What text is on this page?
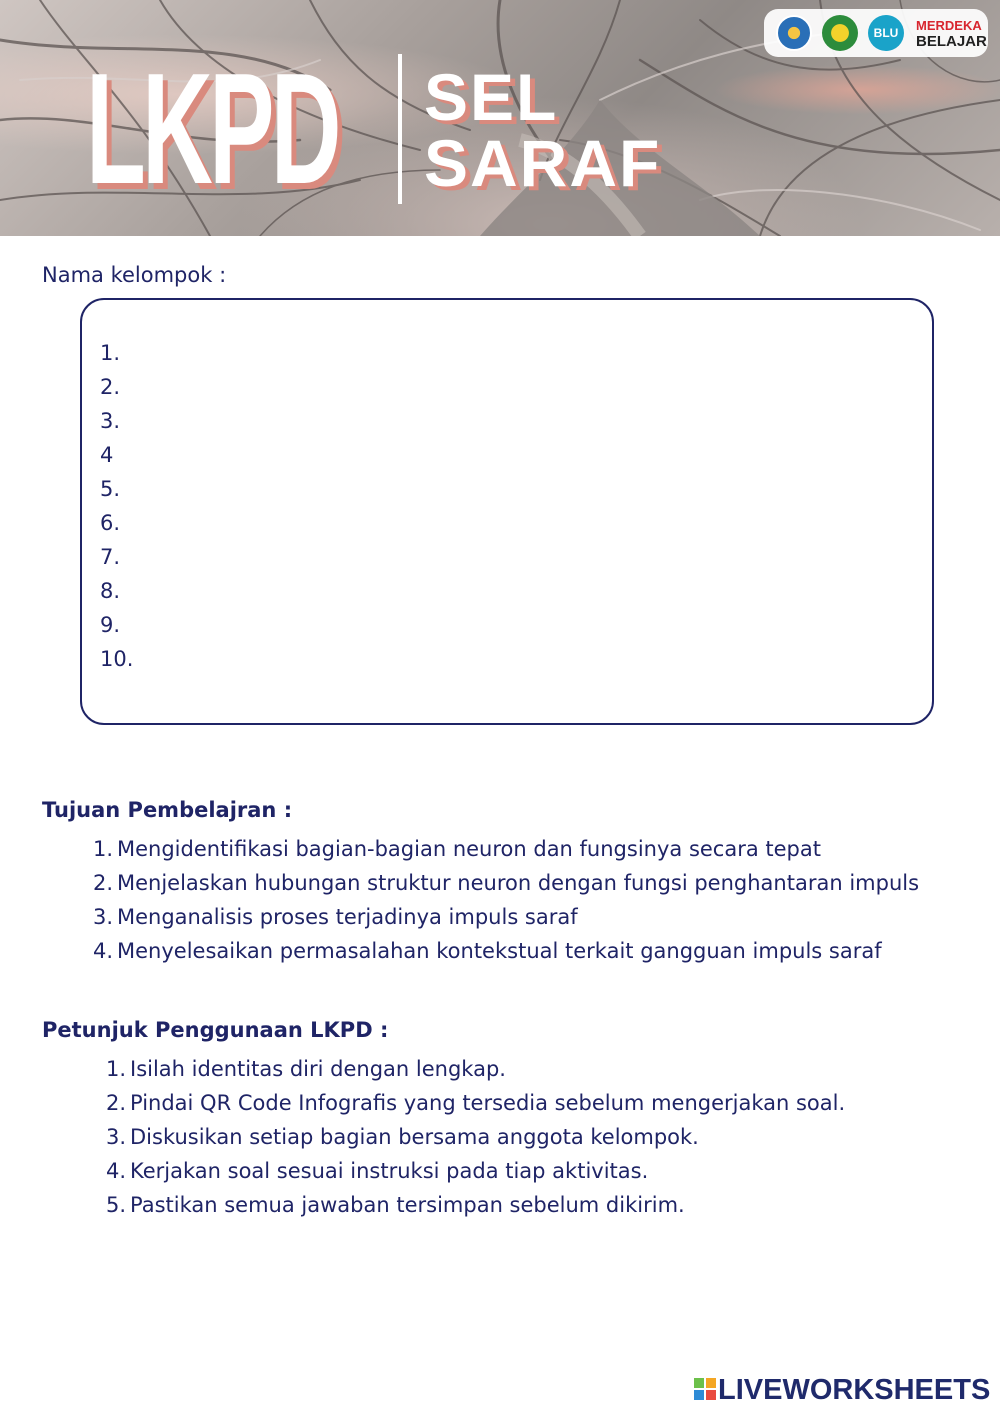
LKPD SEL
SARAF
BLU	MERDEKA
BELAJAR
Nama kelompok :
1.
2.
3.
4
5.
6.
7.
8.
9.
10.
Tujuan Pembelajran :
1. Mengidentifikasi bagian-bagian neuron dan fungsinya secara tepat
2. Menjelaskan hubungan struktur neuron dengan fungsi penghantaran impuls
3. Menganalisis proses terjadinya impuls saraf
4. Menyelesaikan permasalahan kontekstual terkait gangguan impuls saraf
Petunjuk Penggunaan LKPD :
1. Isilah identitas diri dengan lengkap.
2. Pindai QR Code Infografis yang tersedia sebelum mengerjakan soal.
3. Diskusikan setiap bagian bersama anggota kelompok.
4. Kerjakan soal sesuai instruksi pada tiap aktivitas.
5. Pastikan semua jawaban tersimpan sebelum dikirim.
LIVEWORKSHEETS
